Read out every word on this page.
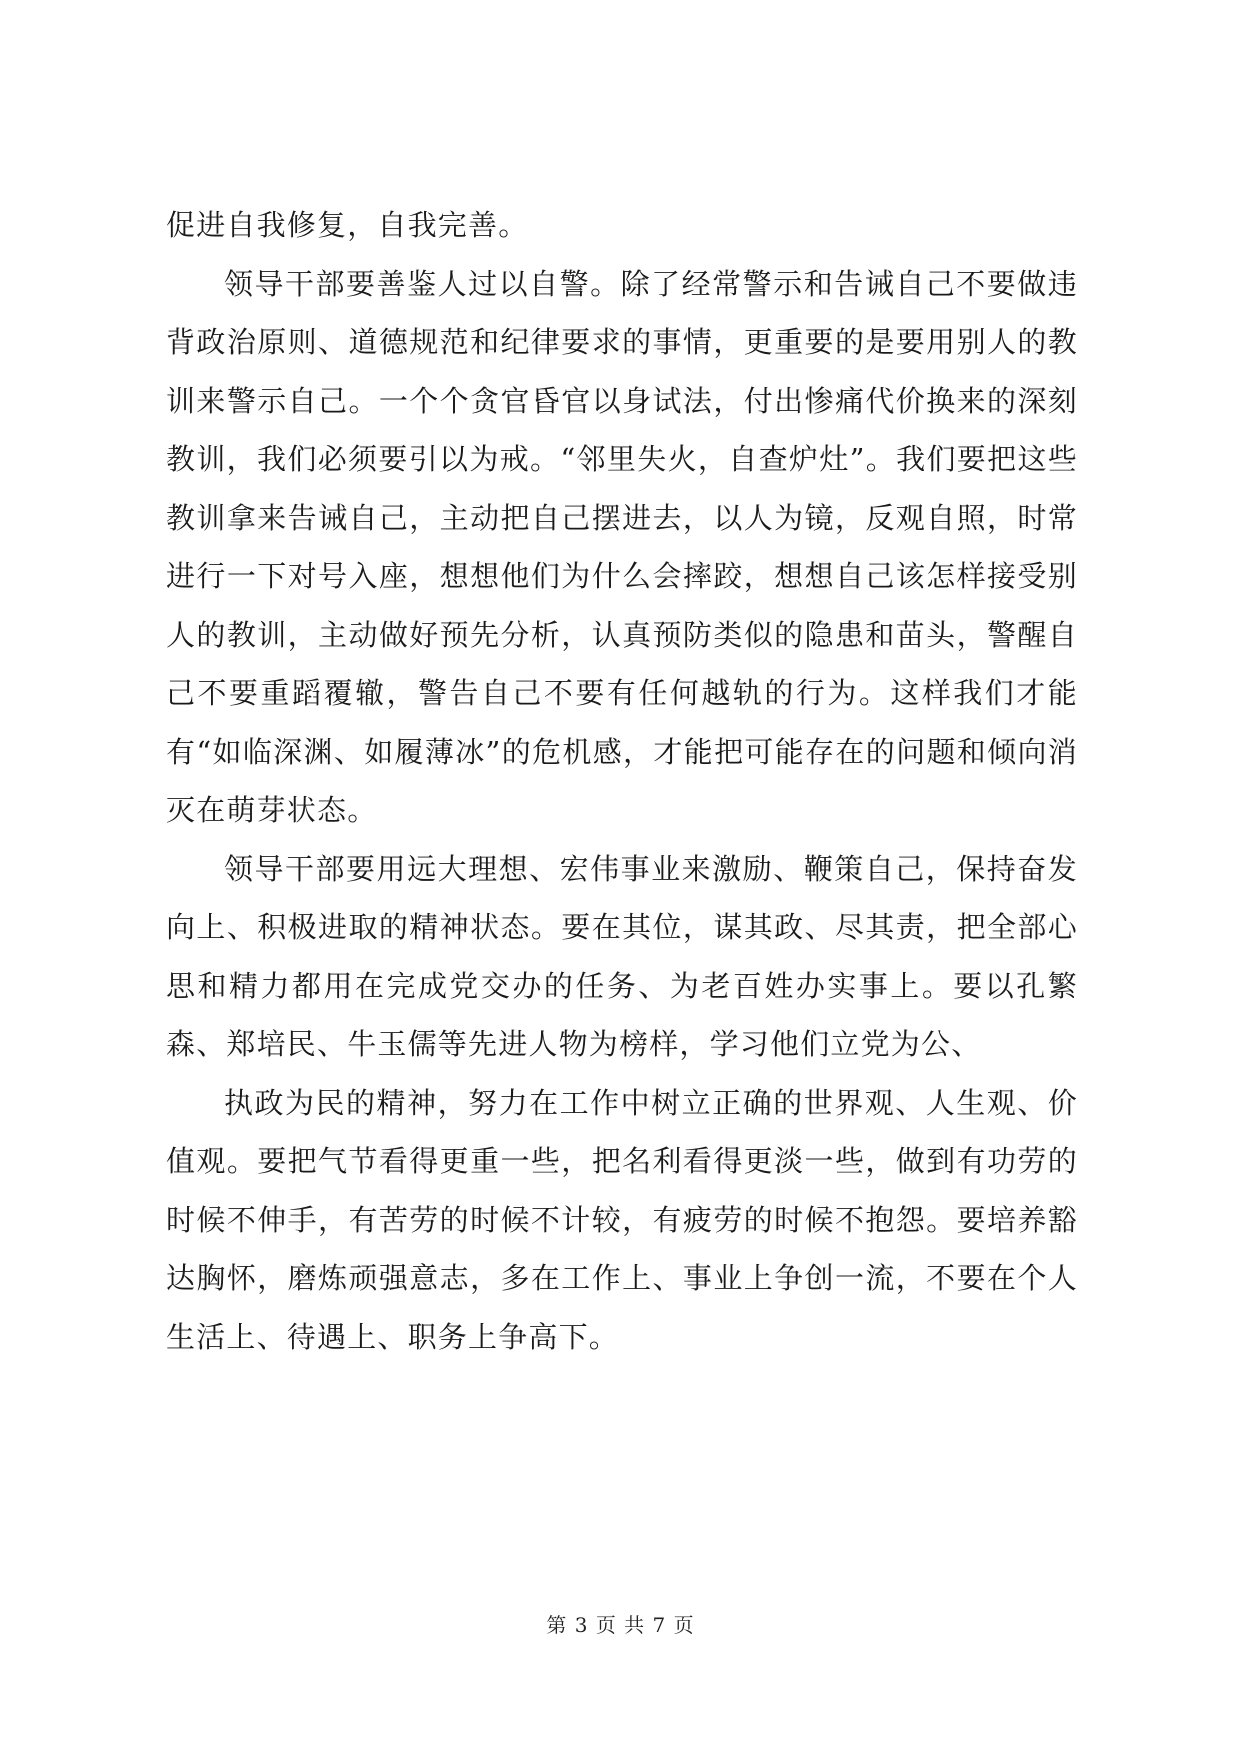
促进自我修复，自我完善。

领导干部要善鉴人过以自警。除了经常警示和告诫自己不要做违背政治原则、道德规范和纪律要求的事情，更重要的是要用别人的教训来警示自己。一个个贪官昏官以身试法，付出惨痛代价换来的深刻教训，我们必须要引以为戒。“邻里失火，自查炉灶”。我们要把这些教训拿来告诫自己，主动把自己摆进去，以人为镜，反观自照，时常进行一下对号入座，想想他们为什么会摔跤，想想自己该怎样接受别人的教训，主动做好预先分析，认真预防类似的隐患和苗头，警醒自己不要重蹈覆辙，警告自己不要有任何越轨的行为。这样我们才能有“如临深渊、如履薄冰”的危机感，才能把可能存在的问题和倾向消灭在萌芽状态。

领导干部要用远大理想、宏伟事业来激励、鞭策自己，保持奋发向上、积极进取的精神状态。要在其位，谋其政、尽其责，把全部心思和精力都用在完成党交办的任务、为老百姓办实事上。要以孔繁森、郑培民、牛玉儒等先进人物为榜样，学习他们立党为公、

执政为民的精神，努力在工作中树立正确的世界观、人生观、价值观。要把气节看得更重一些，把名利看得更淡一些，做到有功劳的时候不伸手，有苦劳的时候不计较，有疲劳的时候不抱怨。要培养豁达胸怀，磨炼顽强意志，多在工作上、事业上争创一流，不要在个人生活上、待遇上、职务上争高下。

第 3 页 共 7 页
